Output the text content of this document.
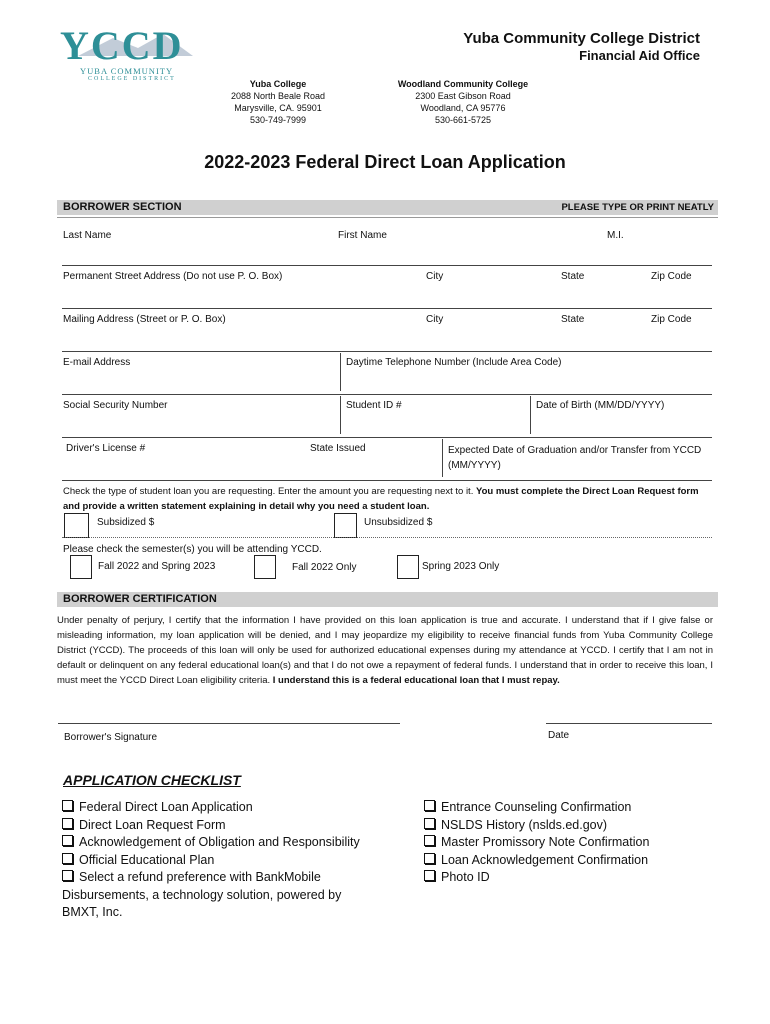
YCCD
YUBA COMMUNITY
COLLEGE DISTRICT
Yuba Community College District
Financial Aid Office
Yuba College
2088 North Beale Road
Marysville, CA. 95901
530-749-7999
Woodland Community College
2300 East Gibson Road
Woodland, CA 95776
530-661-5725
2022-2023 Federal Direct Loan Application
BORROWER SECTION	PLEASE TYPE OR PRINT NEATLY
Last Name	First Name	M.I.
Permanent Street Address (Do not use P. O. Box)	City	State	Zip Code
Mailing Address (Street or P. O. Box)	City	State	Zip Code
E-mail Address	Daytime Telephone Number (Include Area Code)
Social Security Number	Student ID #	Date of Birth (MM/DD/YYYY)
Driver's License #	State Issued	Expected Date of Graduation and/or Transfer from YCCD (MM/YYYY)
Check the type of student loan you are requesting. Enter the amount you are requesting next to it. You must complete the Direct Loan Request form and provide a written statement explaining in detail why you need a student loan.
Subsidized $	Unsubsidized $
Please check the semester(s) you will be attending YCCD.
Fall 2022 and Spring 2023	Fall 2022 Only	Spring 2023 Only
BORROWER CERTIFICATION
Under penalty of perjury, I certify that the information I have provided on this loan application is true and accurate. I understand that if I give false or misleading information, my loan application will be denied, and I may jeopardize my eligibility to receive financial funds from Yuba Community College District (YCCD). The proceeds of this loan will only be used for authorized educational expenses during my attendance at YCCD. I certify that I am not in default or delinquent on any federal educational loan(s) and that I do not owe a repayment of federal funds. I understand that in order to receive this loan, I must meet the YCCD Direct Loan eligibility criteria. I understand this is a federal educational loan that I must repay.
Borrower's Signature	Date
APPLICATION CHECKLIST
Federal Direct Loan Application
Direct Loan Request Form
Acknowledgement of Obligation and Responsibility
Official Educational Plan
Select a refund preference with BankMobile Disbursements, a technology solution, powered by BMXT, Inc.
Entrance Counseling Confirmation
NSLDS History (nslds.ed.gov)
Master Promissory Note Confirmation
Loan Acknowledgement Confirmation
Photo ID
